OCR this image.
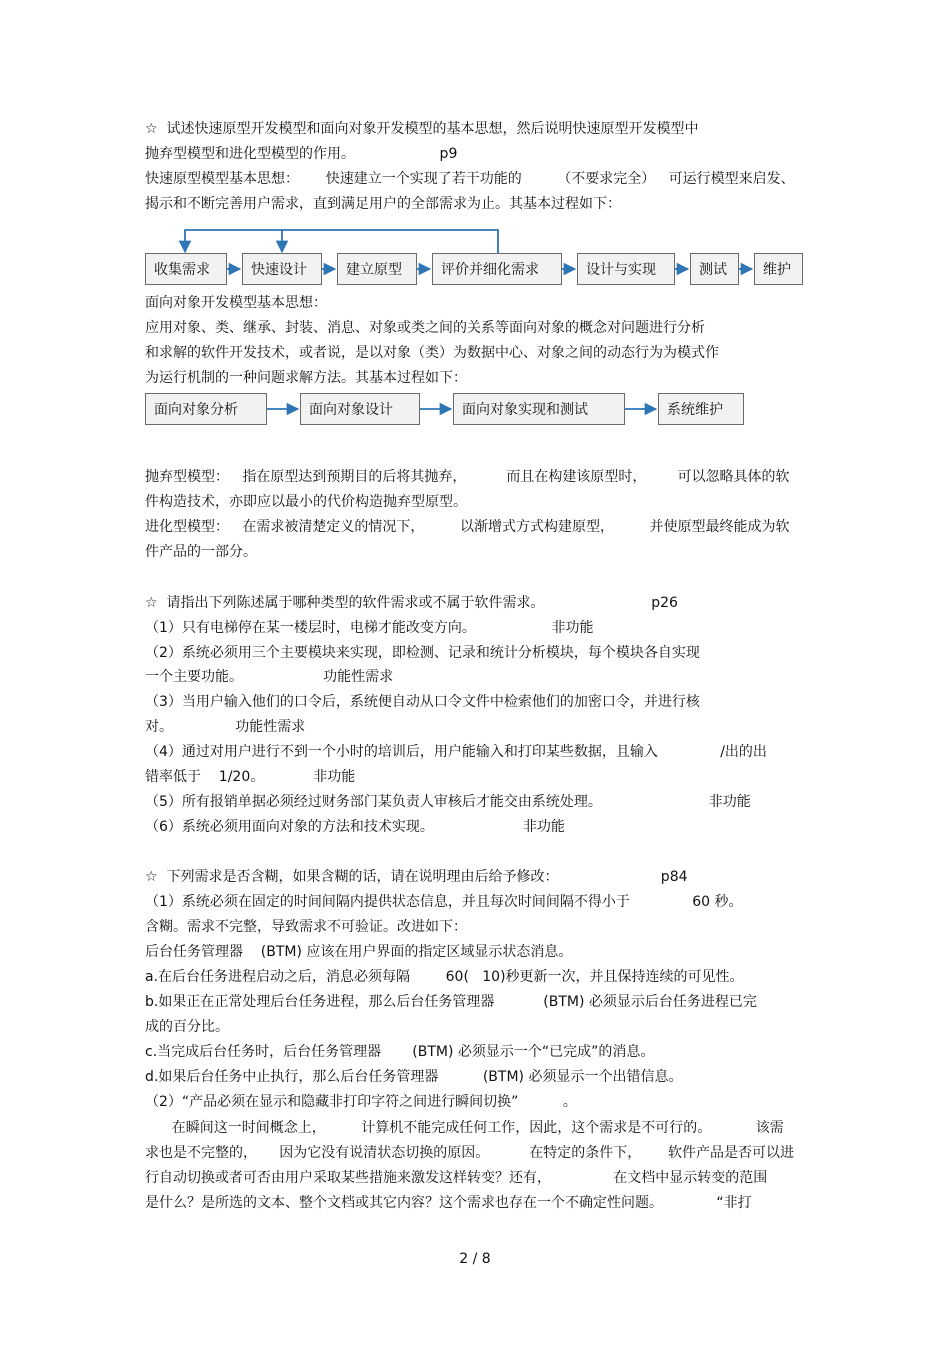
☆  试述快速原型开发模型和面向对象开发模型的基本思想，然后说明快速原型开发模型中
抛弃型模型和进化型模型的作用。                   p9
快速原型模型基本思想：      快速建立一个实现了若干功能的        （不要求完全）   可运行模型来启发、
揭示和不断完善用户需求，直到满足用户的全部需求为止。其基本过程如下：
收集需求	快速设计	建立原型	评价并细化需求	设计与实现	测试	维护
面向对象开发模型基本思想：
应用对象、类、继承、封装、消息、对象或类之间的关系等面向对象的概念对问题进行分析
和求解的软件开发技术，或者说，是以对象（类）为数据中心、对象之间的动态行为为模式作
为运行机制的一种问题求解方法。其基本过程如下：
面向对象分析	面向对象设计	面向对象实现和测试	系统维护
抛弃型模型：   指在原型达到预期目的后将其抛弃，         而且在构建该原型时，       可以忽略具体的软
件构造技术，亦即应以最小的代价构造抛弃型原型。
进化型模型：   在需求被清楚定义的情况下，        以渐增式方式构建原型，        并使原型最终能成为软
件产品的一部分。
☆  请指出下列陈述属于哪种类型的软件需求或不属于软件需求。                        p26
（1）只有电梯停在某一楼层时，电梯才能改变方向。                 非功能
（2）系统必须用三个主要模块来实现，即检测、记录和统计分析模块，每个模块各自实现
一个主要功能。                  功能性需求
（3）当用户输入他们的口令后，系统便自动从口令文件中检索他们的加密口令，并进行核
对。              功能性需求
（4）通过对用户进行不到一个小时的培训后，用户能输入和打印某些数据，且输入              /出的出
错率低于    1/20。           非功能
（5）所有报销单据必须经过财务部门某负责人审核后才能交由系统处理。                        非功能
（6）系统必须用面向对象的方法和技术实现。                    非功能
☆  下列需求是否含糊，如果含糊的话，请在说明理由后给予修改：                       p84
（1）系统必须在固定的时间间隔内提供状态信息，并且每次时间间隔不得小于              60 秒。
含糊。需求不完整，导致需求不可验证。改进如下：
后台任务管理器    (BTM) 应该在用户界面的指定区域显示状态消息。
a.在后台任务进程启动之后，消息必须每隔        60(   10)秒更新一次，并且保持连续的可见性。
b.如果正在正常处理后台任务进程，那么后台任务管理器           (BTM) 必须显示后台任务进程已完
成的百分比。
c.当完成后台任务时，后台任务管理器       (BTM) 必须显示一个“已完成”的消息。
d.如果后台任务中止执行，那么后台任务管理器          (BTM) 必须显示一个出错信息。
（2）“产品必须在显示和隐藏非打印字符之间进行瞬间切换”          。
在瞬间这一时间概念上，        计算机不能完成任何工作，因此，这个需求是不可行的。          该需
求也是不完整的，     因为它没有说清状态切换的原因。         在特定的条件下，      软件产品是否可以进
行自动切换或者可否由用户采取某些措施来激发这样转变？还有，              在文档中显示转变的范围
是什么？是所选的文本、整个文档或其它内容？这个需求也存在一个不确定性问题。            “非打
2 / 8
